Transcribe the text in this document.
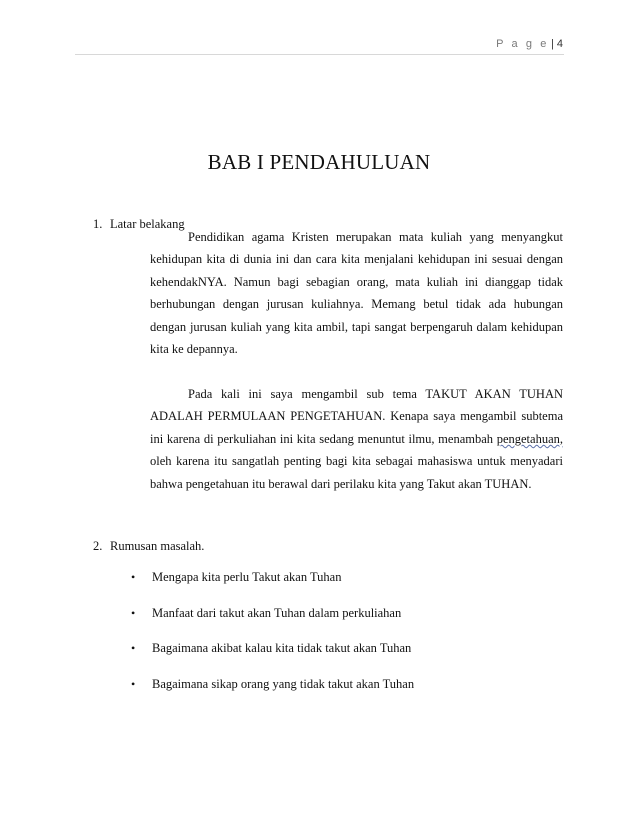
P a g e | 4
BAB I PENDAHULUAN
1. Latar belakang

Pendidikan agama Kristen merupakan mata kuliah yang menyangkut kehidupan kita di dunia ini dan cara kita menjalani kehidupan ini sesuai dengan kehendakNYA. Namun bagi sebagian orang, mata kuliah ini dianggap tidak berhubungan dengan jurusan kuliahnya. Memang betul tidak ada hubungan dengan jurusan kuliah yang kita ambil, tapi sangat berpengaruh dalam kehidupan kita ke depannya.

Pada kali ini saya mengambil sub tema TAKUT AKAN TUHAN ADALAH PERMULAAN PENGETAHUAN. Kenapa saya mengambil subtema ini karena di perkuliahan ini kita sedang menuntut ilmu, menambah pengetahuan, oleh karena itu sangatlah penting bagi kita sebagai mahasiswa untuk menyadari bahwa pengetahuan itu berawal dari perilaku kita yang Takut akan TUHAN.

2. Rumusan masalah.
• Mengapa kita perlu Takut akan Tuhan
• Manfaat dari takut akan Tuhan dalam perkuliahan
• Bagaimana akibat kalau kita tidak takut akan Tuhan
• Bagaimana sikap orang yang tidak takut akan Tuhan
